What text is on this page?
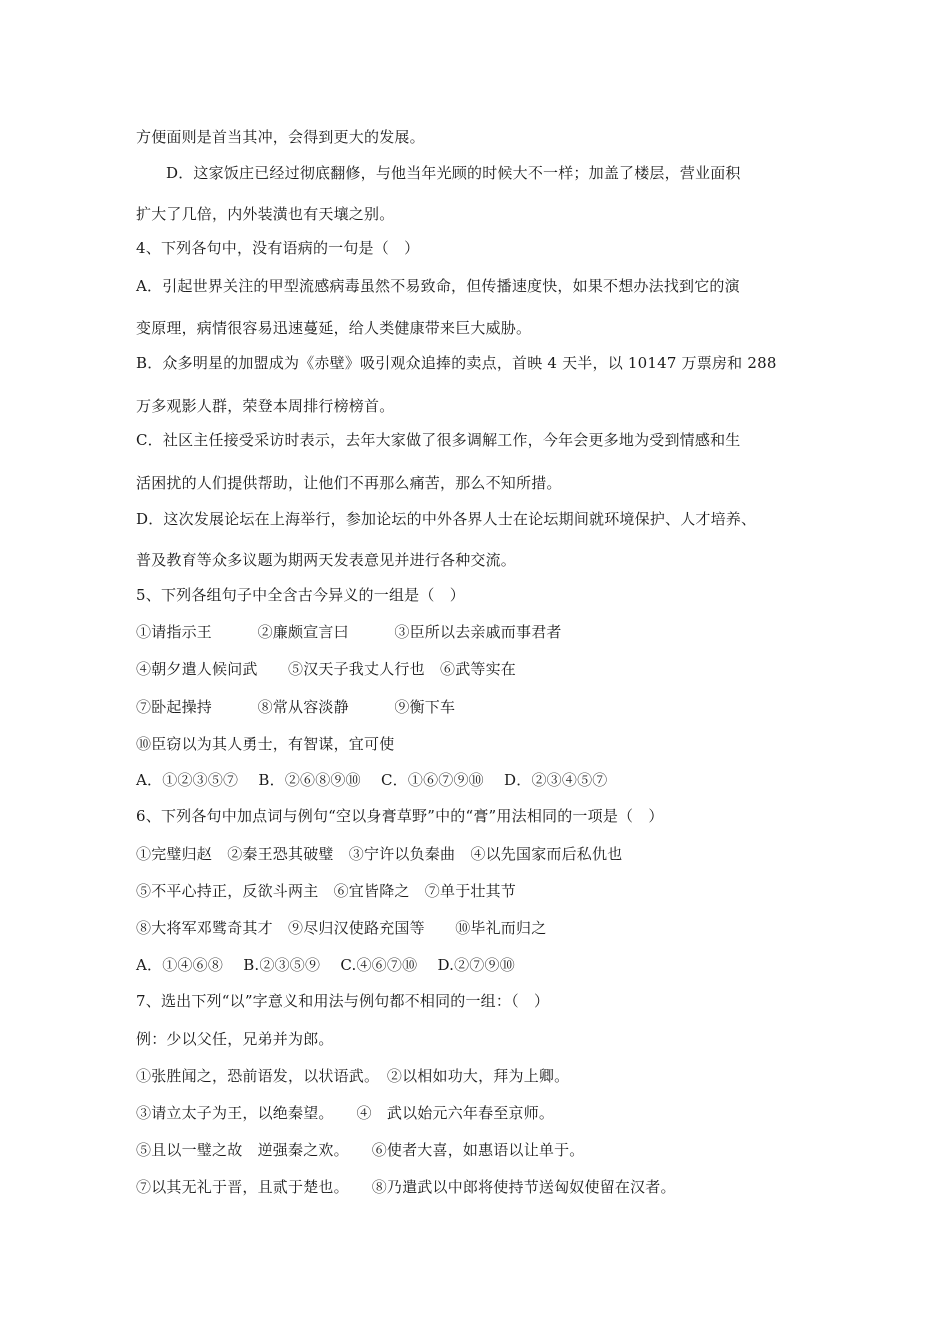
方便面则是首当其冲，会得到更大的发展。
D．这家饭庄已经过彻底翻修，与他当年光顾的时候大不一样；加盖了楼层，营业面积
扩大了几倍，内外装潢也有天壤之别。
4、下列各句中，没有语病的一句是（　）
A．引起世界关注的甲型流感病毒虽然不易致命，但传播速度快，如果不想办法找到它的演
变原理，病情很容易迅速蔓延，给人类健康带来巨大威胁。
B．众多明星的加盟成为《赤壁》吸引观众追捧的卖点，首映 4 天半，以 10147 万票房和 288
万多观影人群，荣登本周排行榜榜首。
C．社区主任接受采访时表示，去年大家做了很多调解工作，今年会更多地为受到情感和生
活困扰的人们提供帮助，让他们不再那么痛苦，那么不知所措。
D．这次发展论坛在上海举行，参加论坛的中外各界人士在论坛期间就环境保护、人才培养、
普及教育等众多议题为期两天发表意见并进行各种交流。
5、下列各组句子中全含古今异义的一组是（　）
①请指示王　　　②廉颇宣言曰　　　③臣所以去亲戚而事君者
④朝夕遣人候问武　　⑤汉天子我丈人行也　⑥武等实在
⑦卧起操持　　　⑧常从容淡静　　　⑨衡下车
⑩臣窃以为其人勇士，有智谋，宜可使
A．①②③⑤⑦　 B．②⑥⑧⑨⑩　 C．①⑥⑦⑨⑩　 D．②③④⑤⑦
6、下列各句中加点词与例句“空以身膏草野”中的“膏”用法相同的一项是（　）
①完璧归赵　②秦王恐其破璧　③宁许以负秦曲　④以先国家而后私仇也
⑤不平心持正，反欲斗两主　⑥宜皆降之　⑦单于壮其节
⑧大将军邓骘奇其才　⑨尽归汉使路充国等　　⑩毕礼而归之
A．①④⑥⑧　 B.②③⑤⑨　 C.④⑥⑦⑩　 D.②⑦⑨⑩
7、选出下列“以”字意义和用法与例句都不相同的一组：（　）
例：少以父任，兄弟并为郎。
①张胜闻之，恐前语发，以状语武。　②以相如功大，拜为上卿。
③请立太子为王，以绝秦望。　　④　武以始元六年春至京师。
⑤且以一璧之故　逆强秦之欢。　　⑥使者大喜，如惠语以让单于。
⑦以其无礼于晋，且贰于楚也。　　⑧乃遣武以中郎将使持节送匈奴使留在汉者。
